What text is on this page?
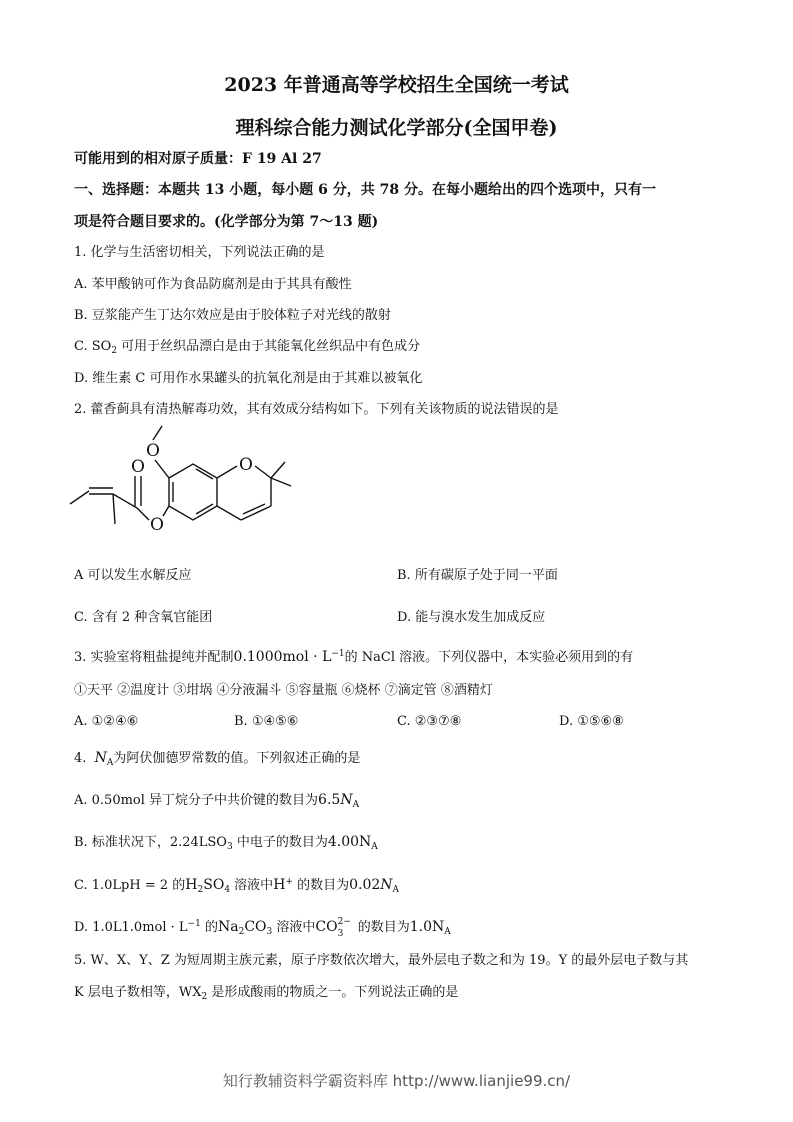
2023 年普通高等学校招生全国统一考试
理科综合能力测试化学部分(全国甲卷)
可能用到的相对原子质量：F 19 Al 27
一、选择题：本题共 13 小题，每小题 6 分，共 78 分。在每小题给出的四个选项中，只有一
项是符合题目要求的。(化学部分为第 7～13 题)
1. 化学与生活密切相关，下列说法正确的是
A. 苯甲酸钠可作为食品防腐剂是由于其具有酸性
B. 豆浆能产生丁达尔效应是由于胶体粒子对光线的散射
C. $SO_2$ 可用于丝织品漂白是由于其能氧化丝织品中有色成分
D. 维生素 C 可用作水果罐头的抗氧化剂是由于其难以被氧化
2. 藿香蓟具有清热解毒功效，其有效成分结构如下。下列有关该物质的说法错误的是
O
O
O
O
A 可以发生水解反应	B. 所有碳原子处于同一平面
C. 含有 2 种含氧官能团	D. 能与溴水发生加成反应
3. 实验室将粗盐提纯并配制$0.1000mol \cdot L^{-1}$的 NaCl 溶液。下列仪器中，本实验必须用到的有
①天平 ②温度计 ③坩埚 ④分液漏斗 ⑤容量瓶 ⑥烧杯 ⑦滴定管 ⑧酒精灯
A. ①②④⑥	B. ①④⑤⑥	C. ②③⑦⑧	D. ①⑤⑥⑧
4. $N_A$为阿伏伽德罗常数的值。下列叙述正确的是
A. 0.50mol 异丁烷分子中共价键的数目为$6.5N_A$
B. 标准状况下，$2.24LSO_3$ 中电子的数目为$4.00N_A$
C. 1.0LpH = 2 的$H_2SO_4$ 溶液中H+ 的数目为$0.02N_A$
D. $1.0L1.0mol \cdot L^{-1}$ 的$Na_2CO_3$ 溶液中CO 2−
3 的数目为$1.0N_A$
5. W、X、Y、Z 为短周期主族元素，原子序数依次增大，最外层电子数之和为 19。Y 的最外层电子数与其
K 层电子数相等，$WX_2$ 是形成酸雨的物质之一。下列说法正确的是
知行教辅资料学霸资料库 http://www.lianjie99.cn/
